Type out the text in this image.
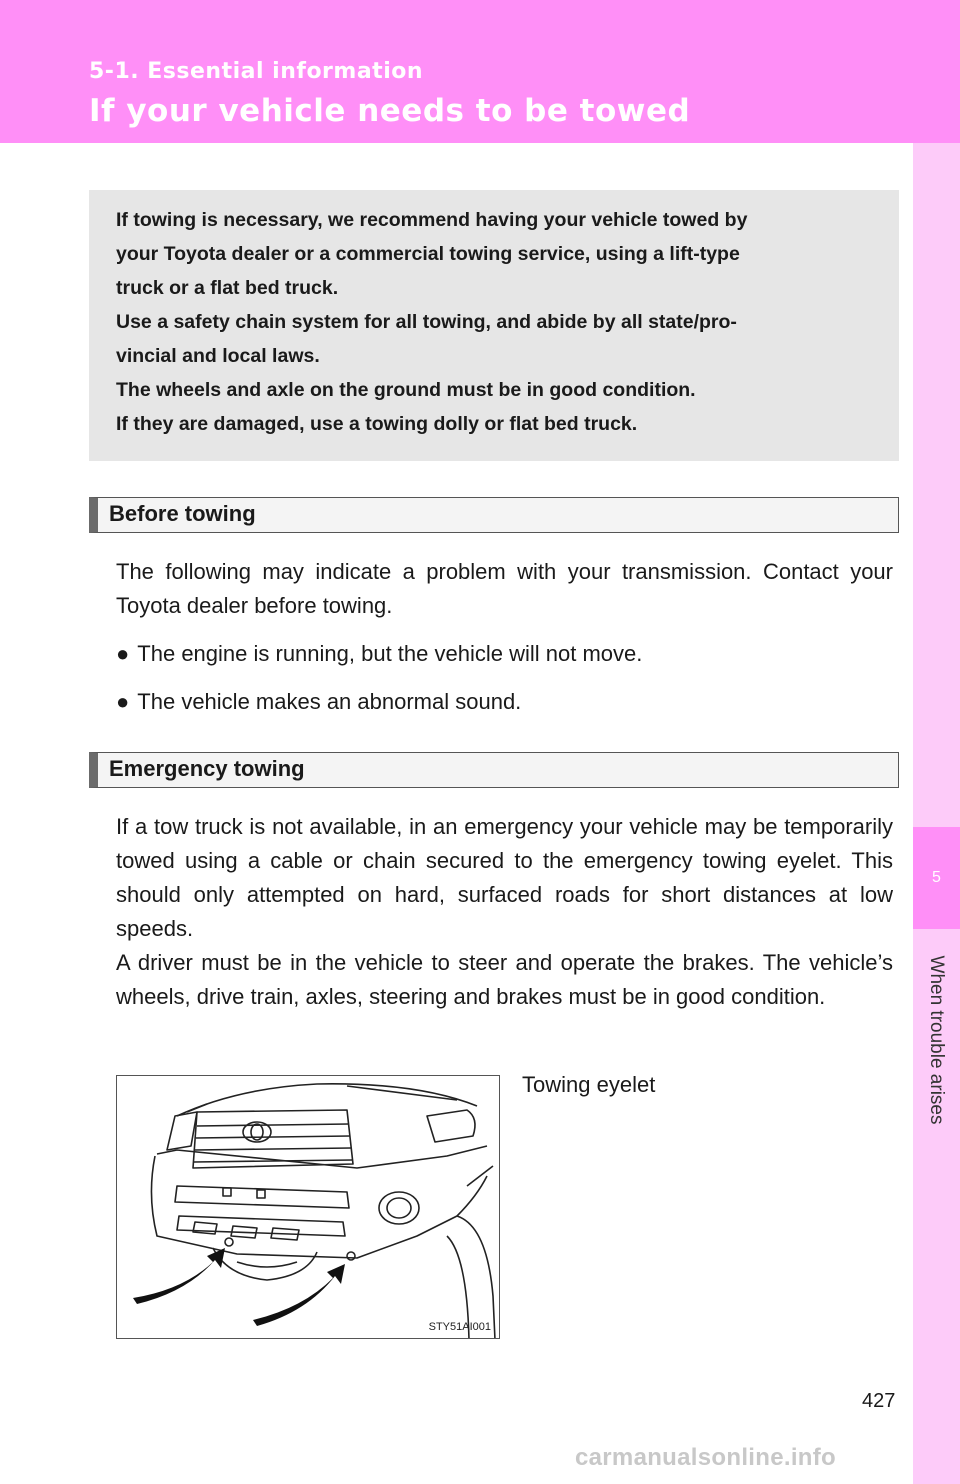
5-1. Essential information
If your vehicle needs to be towed
5
When trouble arises

If towing is necessary, we recommend having your vehicle towed by

your Toyota dealer or a commercial towing service, using a lift-type

truck or a flat bed truck.

Use a safety chain system for all towing, and abide by all state/pro-

vincial and local laws.

The wheels and axle on the ground must be in good condition.

If they are damaged, use a towing dolly or flat bed truck.

Before towing

The following may indicate a problem with your transmission. Contact your Toyota dealer before towing.

● The engine is running, but the vehicle will not move.
● The vehicle makes an abnormal sound.
Emergency towing

If a tow truck is not available, in an emergency your vehicle may be temporarily towed using a cable or chain secured to the emergency towing eyelet. This should only attempted on hard, surfaced roads for short distances at low speeds.

A driver must be in the vehicle to steer and operate the brakes. The vehicle’s wheels, drive train, axles, steering and brakes must be in good condition.

STY51AI001
Towing eyelet
427
carmanualsonline.info
